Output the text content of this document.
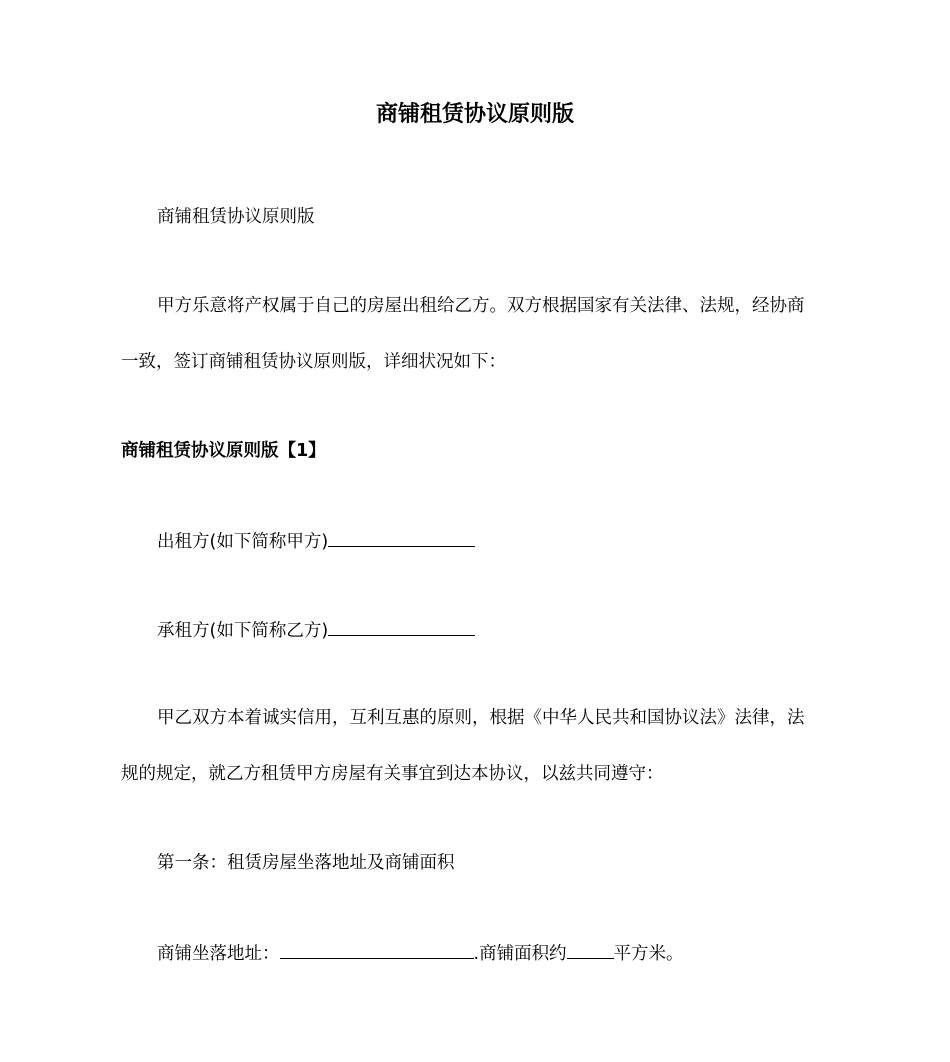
商铺租赁协议原则版
商铺租赁协议原则版
甲方乐意将产权属于自己的房屋出租给乙方。双方根据国家有关法律、法规，经协商
一致，签订商铺租赁协议原则版，详细状况如下：
商铺租赁协议原则版【1】
出租方(如下简称甲方)
承租方(如下简称乙方)
甲乙双方本着诚实信用，互利互惠的原则，根据《中华人民共和国协议法》法律，法
规的规定，就乙方租赁甲方房屋有关事宜到达本协议，以兹共同遵守：
第一条：租赁房屋坐落地址及商铺面积
商铺坐落地址：	.商铺面积约	平方米。
